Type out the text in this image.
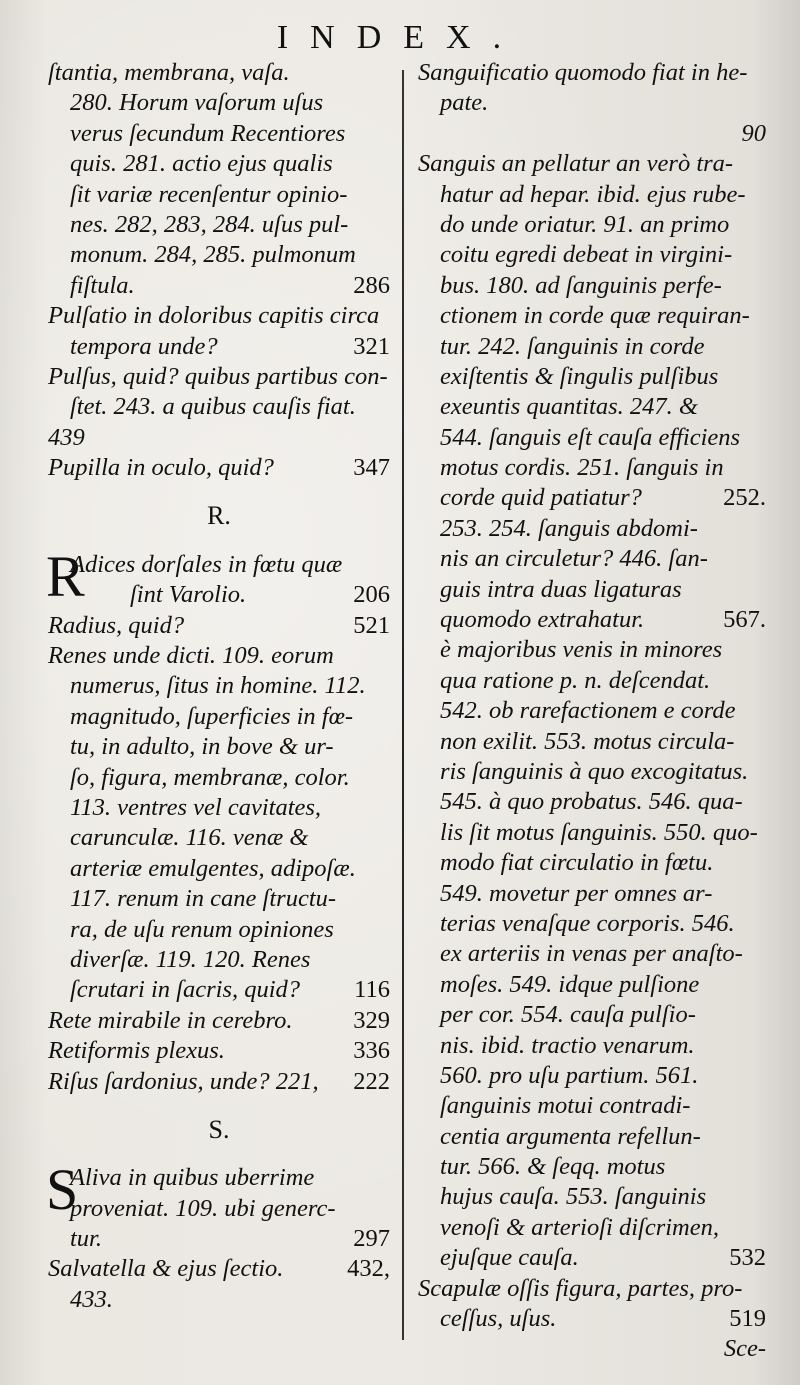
INDEX.
ſtantia, membrana, vaſa.
280. Horum vaſorum uſus
verus ſecundum Recentiores
quis. 281. actio ejus qualis
ſit variæ recenſentur opinio-
nes. 282, 283, 284. uſus pul-
monum. 284, 285. pulmonum
fiſtula.	286
Pulſatio in doloribus capitis circa
tempora unde?	321
Pulſus, quid? quibus partibus con-
ſtet. 243. a quibus cauſis fiat.
439
Pupilla in oculo, quid?	347
R.
R
Adices dorſales in fœtu quæ
ſint Varolio.	206
Radius, quid?	521
Renes unde dicti. 109. eorum
numerus, ſitus in homine. 112.
magnitudo, ſuperficies in fœ-
tu, in adulto, in bove & ur-
ſo, figura, membranæ, color.
113. ventres vel cavitates,
carunculæ. 116. venæ &
arteriæ emulgentes, adipoſæ.
117. renum in cane ſtructu-
ra, de uſu renum opiniones
diverſæ. 119. 120. Renes
ſcrutari in ſacris, quid?	116
Rete mirabile in cerebro.	329
Retiformis plexus.	336
Riſus ſardonius, unde? 221,	222
S.
S
Aliva in quibus uberrime
proveniat. 109. ubi generc-
tur.	297
Salvatella & ejus ſectio.	432,
433.
Sanguificatio quomodo fiat in he-
pate.
90
Sanguis an pellatur an verò tra-
hatur ad hepar. ibid. ejus rube-
do unde oriatur. 91. an primo
coitu egredi debeat in virgini-
bus. 180. ad ſanguinis perfe-
ctionem in corde quæ requiran-
tur. 242. ſanguinis in corde
exiſtentis & ſingulis pulſibus
exeuntis quantitas. 247. &
544. ſanguis eſt cauſa efficiens
motus cordis. 251. ſanguis in
corde quid patiatur?	252.
253. 254. ſanguis abdomi-
nis an circuletur? 446. ſan-
guis intra duas ligaturas
quomodo extrahatur.	567.
è majoribus venis in minores
qua ratione p. n. deſcendat.
542. ob rarefactionem e corde
non exilit. 553. motus circula-
ris ſanguinis à quo excogitatus.
545. à quo probatus. 546. qua-
lis ſit motus ſanguinis. 550. quo-
modo fiat circulatio in fœtu.
549. movetur per omnes ar-
terias venaſque corporis. 546.
ex arteriis in venas per anaſto-
moſes. 549. idque pulſione
per cor. 554. cauſa pulſio-
nis. ibid. tractio venarum.
560. pro uſu partium. 561.
ſanguinis motui contradi-
centia argumenta refellun-
tur. 566. & ſeqq. motus
hujus cauſa. 553. ſanguinis
venoſi & arterioſi diſcrimen,
ejuſque cauſa.	532
Scapulæ oſſis figura, partes, pro-
ceſſus, uſus.	519
Sce-
